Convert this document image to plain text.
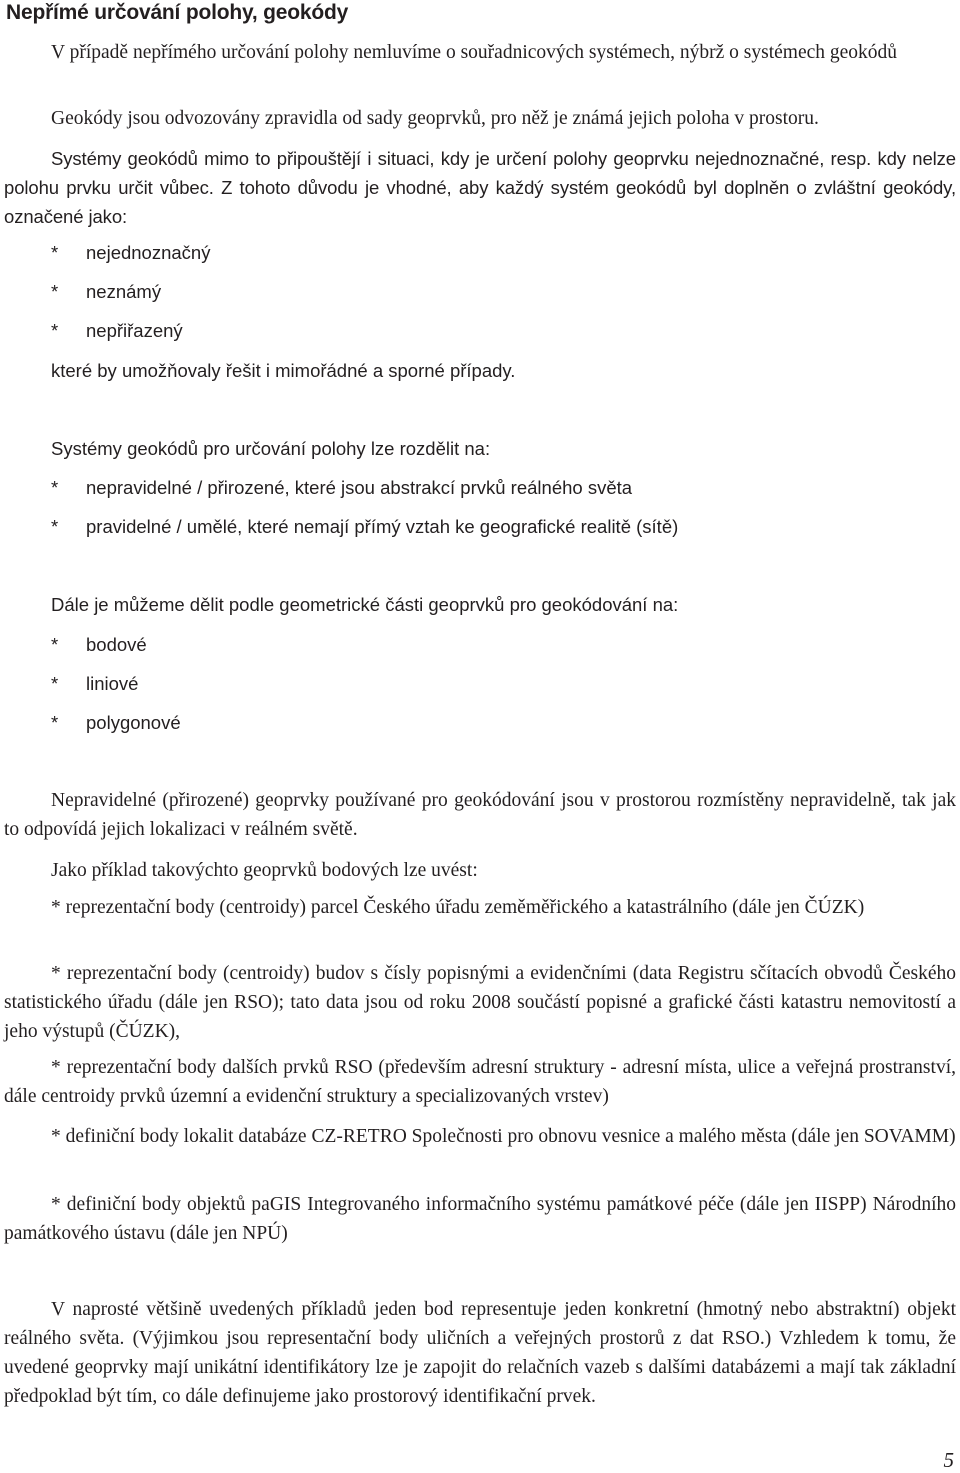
Nepřímé určování polohy, geokódy

V případě nepřímého určování polohy nemluvíme o souřadnicových systémech, nýbrž o systémech geokódů

Geokódy jsou odvozovány zpravidla od sady geoprvků, pro něž je známá jejich poloha v prostoru.

Systémy geokódů mimo to připouštějí i situaci, kdy je určení polohy geoprvku nejednoznačné, resp. kdy nelze polohu prvku určit vůbec. Z tohoto důvodu je vhodné, aby každý systém geokódů byl doplněn o zvláštní geokódy, označené jako:

* nejednoznačný
* neznámý
* nepřiřazený
které by umožňovaly řešit i mimořádné a sporné případy.
Systémy geokódů pro určování polohy lze rozdělit na:
* nepravidelné / přirozené, které jsou abstrakcí prvků reálného světa
* pravidelné / umělé, které nemají přímý vztah ke geografické realitě (sítě)
Dále je můžeme dělit podle geometrické části geoprvků pro geokódování na:
* bodové
* liniové
* polygonové

Nepravidelné (přirozené) geoprvky používané pro geokódování jsou v prostorou rozmístěny nepravidelně, tak jak to odpovídá jejich lokalizaci v reálném světě.

Jako příklad takovýchto geoprvků bodových lze uvést:

* reprezentační body (centroidy) parcel Českého úřadu zeměměřického a katastrálního (dále jen ČÚZK)

* reprezentační body (centroidy) budov s čísly popisnými a evidenčními (data Registru sčítacích obvodů Českého statistického úřadu (dále jen RSO); tato data jsou od roku 2008 součástí popisné a grafické části katastru nemovitostí a jeho výstupů (ČÚZK),

* reprezentační body dalších prvků RSO (především adresní struktury - adresní místa, ulice a veřejná prostranství, dále centroidy prvků územní a evidenční struktury a specializovaných vrstev)

* definiční body lokalit databáze CZ-RETRO Společnosti pro obnovu vesnice a malého města (dále jen SOVAMM)

* definiční body objektů paGIS Integrovaného informačního systému památkové péče (dále jen IISPP) Národního památkového ústavu (dále jen NPÚ)

V naprosté většině uvedených příkladů jeden bod representuje jeden konkretní (hmotný nebo abstraktní) objekt reálného světa. (Výjimkou jsou representační body uličních a veřejných prostorů z dat RSO.) Vzhledem k tomu, že uvedené geoprvky mají unikátní identifikátory lze je zapojit do relačních vazeb s dalšími databázemi a mají tak základní předpoklad být tím, co dále definujeme jako prostorový identifikační prvek.

5
